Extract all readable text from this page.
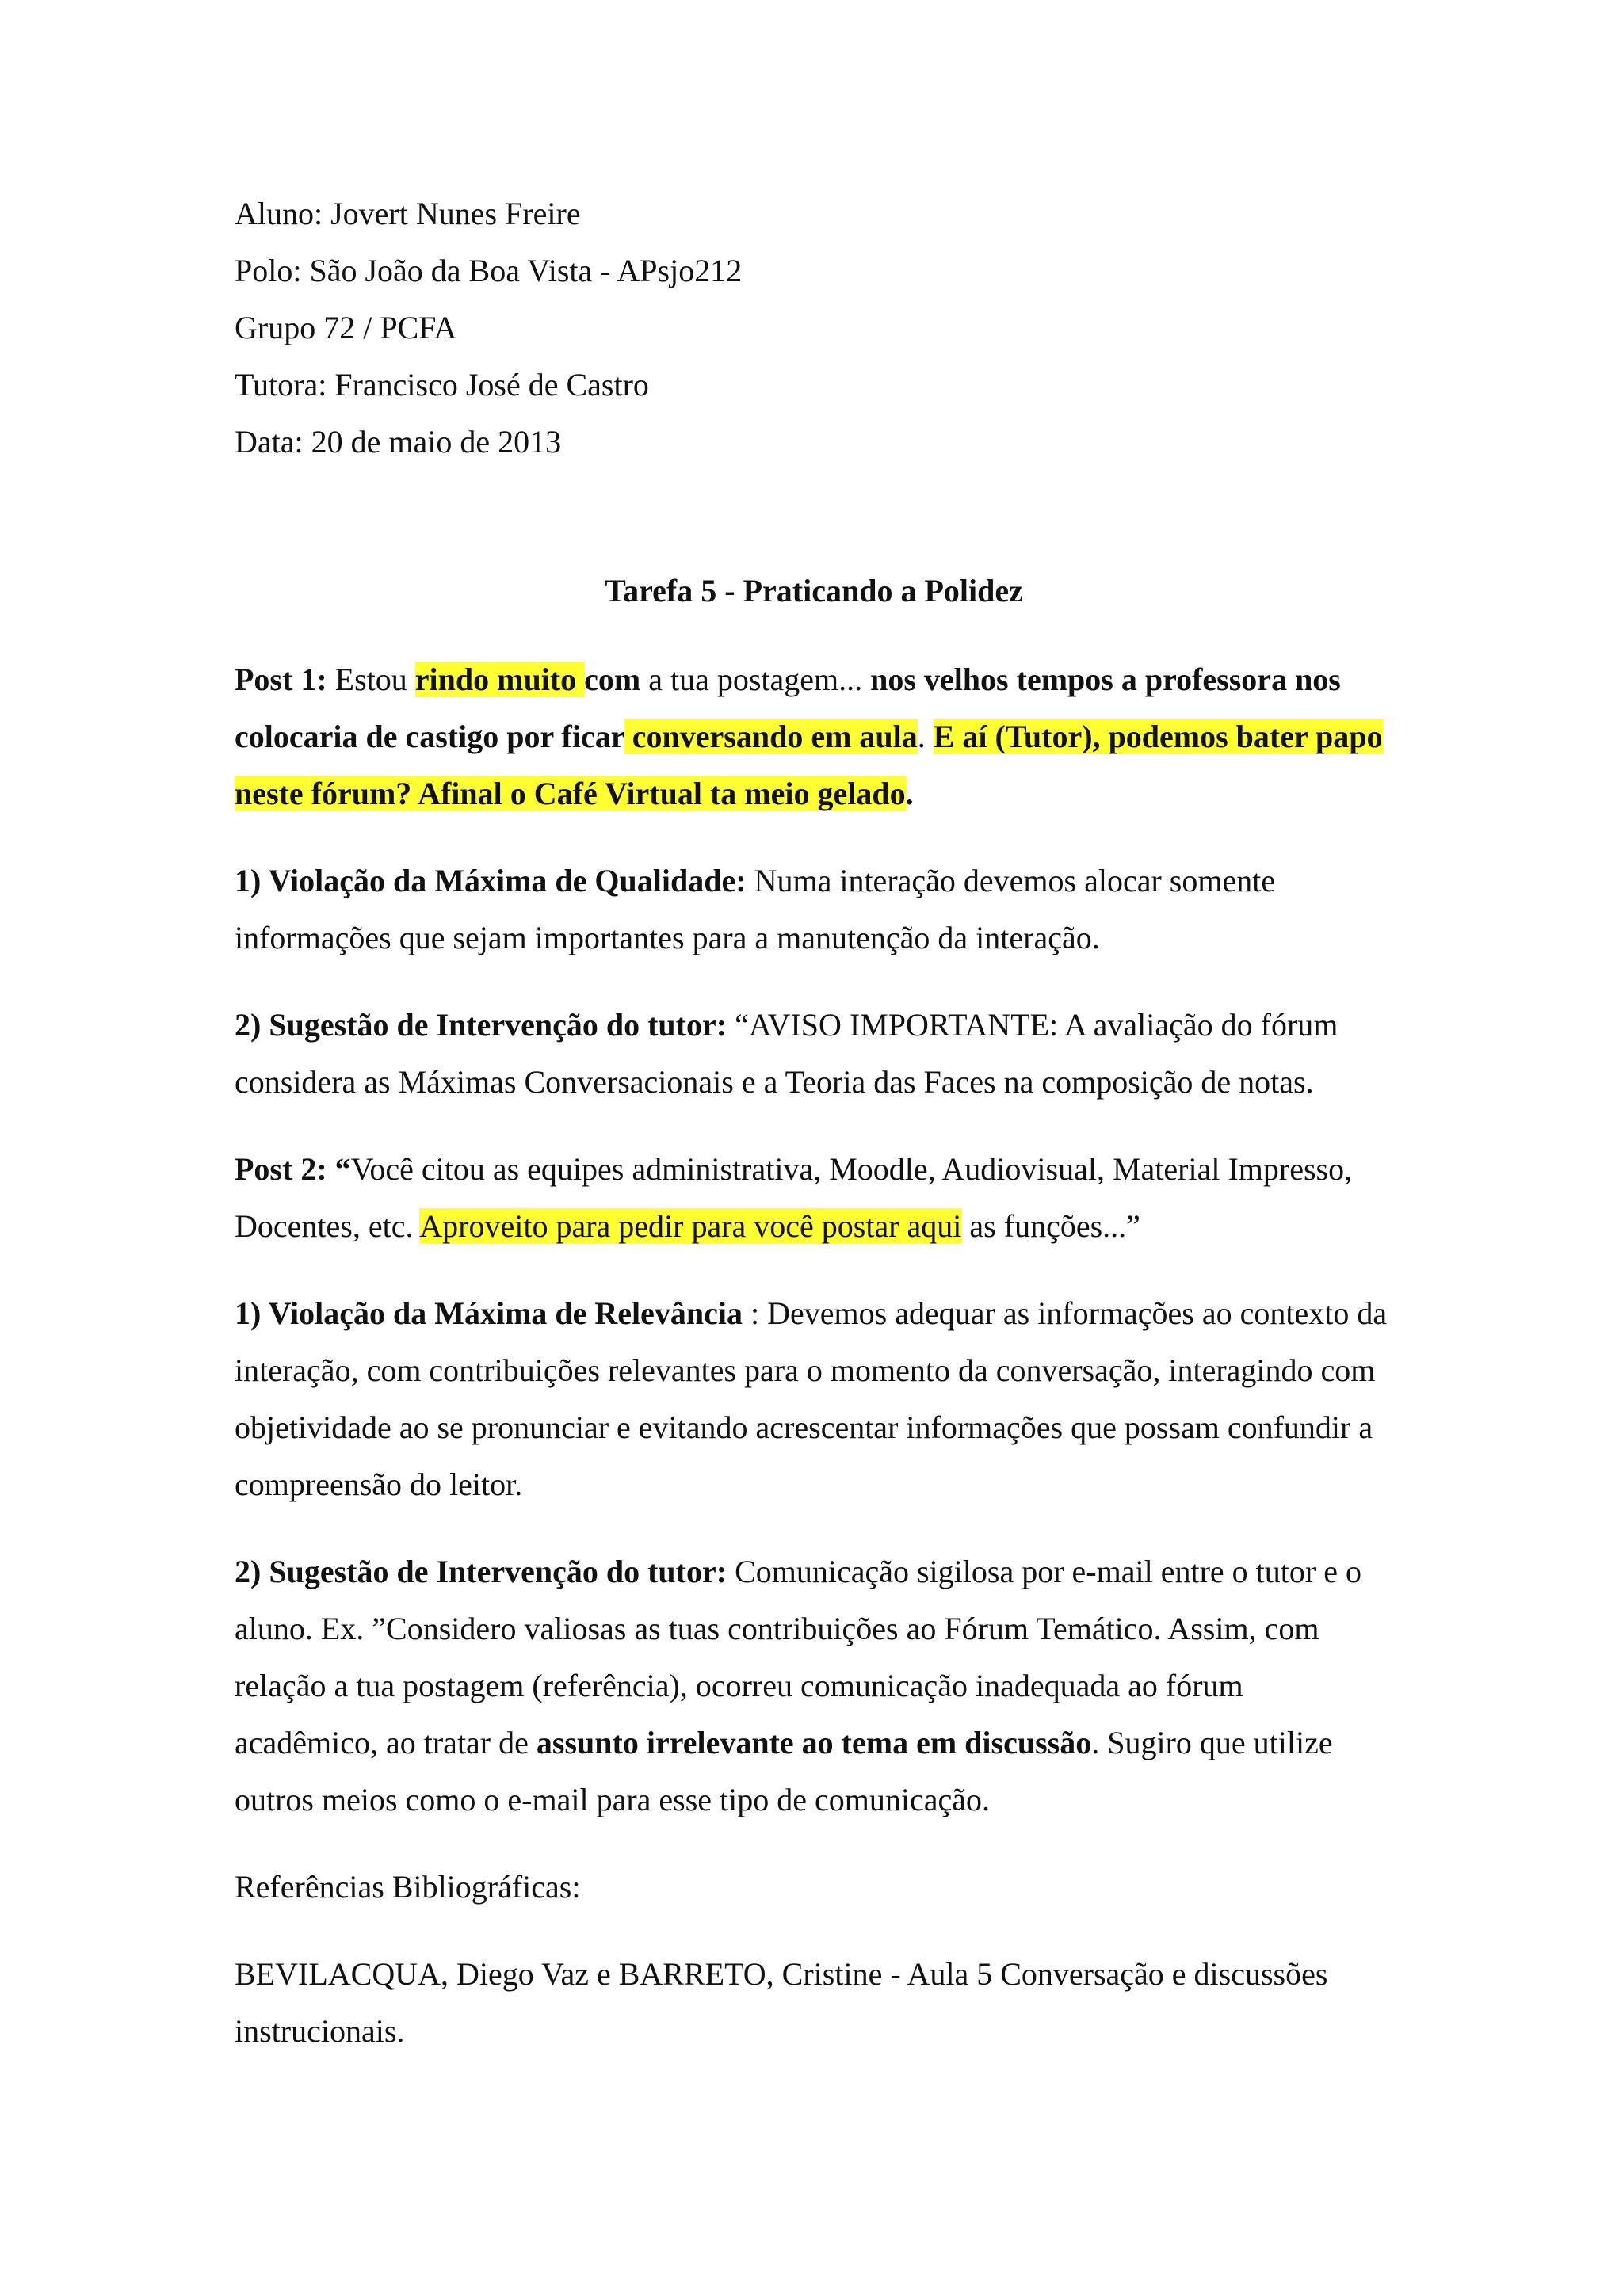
Aluno: Jovert Nunes Freire

Polo: São João da Boa Vista - APsjo212

Grupo 72 / PCFA

Tutora: Francisco José de Castro

Data: 20 de maio de 2013

Tarefa 5 - Praticando a Polidez

Post 1: Estou rindo muito com a tua postagem... nos velhos tempos a professora nos colocaria de castigo por ficar conversando em aula. E aí (Tutor), podemos bater papo neste fórum? Afinal o Café Virtual ta meio gelado.

1) Violação da Máxima de Qualidade: Numa interação devemos alocar somente informações que sejam importantes para a manutenção da interação.

2) Sugestão de Intervenção do tutor: “AVISO IMPORTANTE: A avaliação do fórum considera as Máximas Conversacionais e a Teoria das Faces na composição de notas.

Post 2: “Você citou as equipes administrativa, Moodle, Audiovisual, Material Impresso, Docentes, etc. Aproveito para pedir para você postar aqui as funções...”

1) Violação da Máxima de Relevância : Devemos adequar as informações ao contexto da interação, com contribuições relevantes para o momento da conversação, interagindo com objetividade ao se pronunciar e evitando acrescentar informações que possam confundir a compreensão do leitor.

2) Sugestão de Intervenção do tutor: Comunicação sigilosa por e-mail entre o tutor e o aluno. Ex. ”Considero valiosas as tuas contribuições ao Fórum Temático. Assim, com relação a tua postagem (referência), ocorreu comunicação inadequada ao fórum acadêmico, ao tratar de assunto irrelevante ao tema em discussão. Sugiro que utilize outros meios como o e-mail para esse tipo de comunicação.

Referências Bibliográficas:

BEVILACQUA, Diego Vaz e BARRETO, Cristine - Aula 5 Conversação e discussões instrucionais.
